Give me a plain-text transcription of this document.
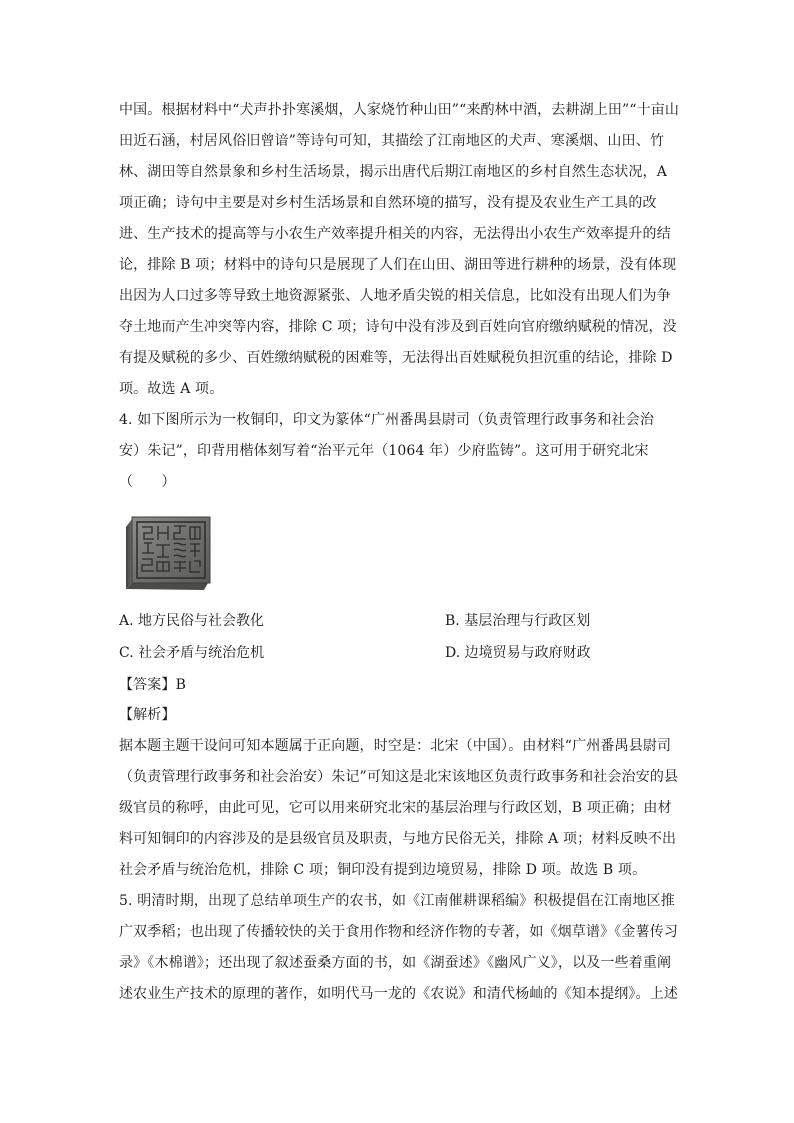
中国。根据材料中“犬声扑扑寒溪烟，人家烧竹种山田”“来酌林中酒，去耕湖上田”“十亩山
田近石涵，村居风俗旧曾谙”等诗句可知，其描绘了江南地区的犬声、寒溪烟、山田、竹
林、湖田等自然景象和乡村生活场景，揭示出唐代后期江南地区的乡村自然生态状况，A
项正确；诗句中主要是对乡村生活场景和自然环境的描写，没有提及农业生产工具的改
进、生产技术的提高等与小农生产效率提升相关的内容，无法得出小农生产效率提升的结
论，排除 B 项；材料中的诗句只是展现了人们在山田、湖田等进行耕种的场景，没有体现
出因为人口过多等导致土地资源紧张、人地矛盾尖锐的相关信息，比如没有出现人们为争
夺土地而产生冲突等内容，排除 C 项；诗句中没有涉及到百姓向官府缴纳赋税的情况，没
有提及赋税的多少、百姓缴纳赋税的困难等，无法得出百姓赋税负担沉重的结论，排除 D
项。故选 A 项。
4. 如下图所示为一枚铜印，印文为篆体“广州番禺县尉司（负责管理行政事务和社会治
安）朱记”，印背用楷体刻写着“治平元年（1064 年）少府监铸”。这可用于研究北宋
（　　）
A. 地方民俗与社会教化	B. 基层治理与行政区划
C. 社会矛盾与统治危机	D. 边境贸易与政府财政
【答案】B
【解析】
据本题主题干设问可知本题属于正向题，时空是：北宋（中国）。由材料“广州番禺县尉司
（负责管理行政事务和社会治安）朱记”可知这是北宋该地区负责行政事务和社会治安的县
级官员的称呼，由此可见，它可以用来研究北宋的基层治理与行政区划，B 项正确；由材
料可知铜印的内容涉及的是县级官员及职责，与地方民俗无关，排除 A 项；材料反映不出
社会矛盾与统治危机，排除 C 项；铜印没有提到边境贸易，排除 D 项。故选 B 项。
5. 明清时期，出现了总结单项生产的农书，如《江南催耕课稻编》积极提倡在江南地区推
广双季稻；也出现了传播较快的关于食用作物和经济作物的专著，如《烟草谱》《金薯传习
录》《木棉谱》；还出现了叙述蚕桑方面的书，如《湖蚕述》《幽风广义》，以及一些着重阐
述农业生产技术的原理的著作，如明代马一龙的《农说》和清代杨屾的《知本提纲》。上述
